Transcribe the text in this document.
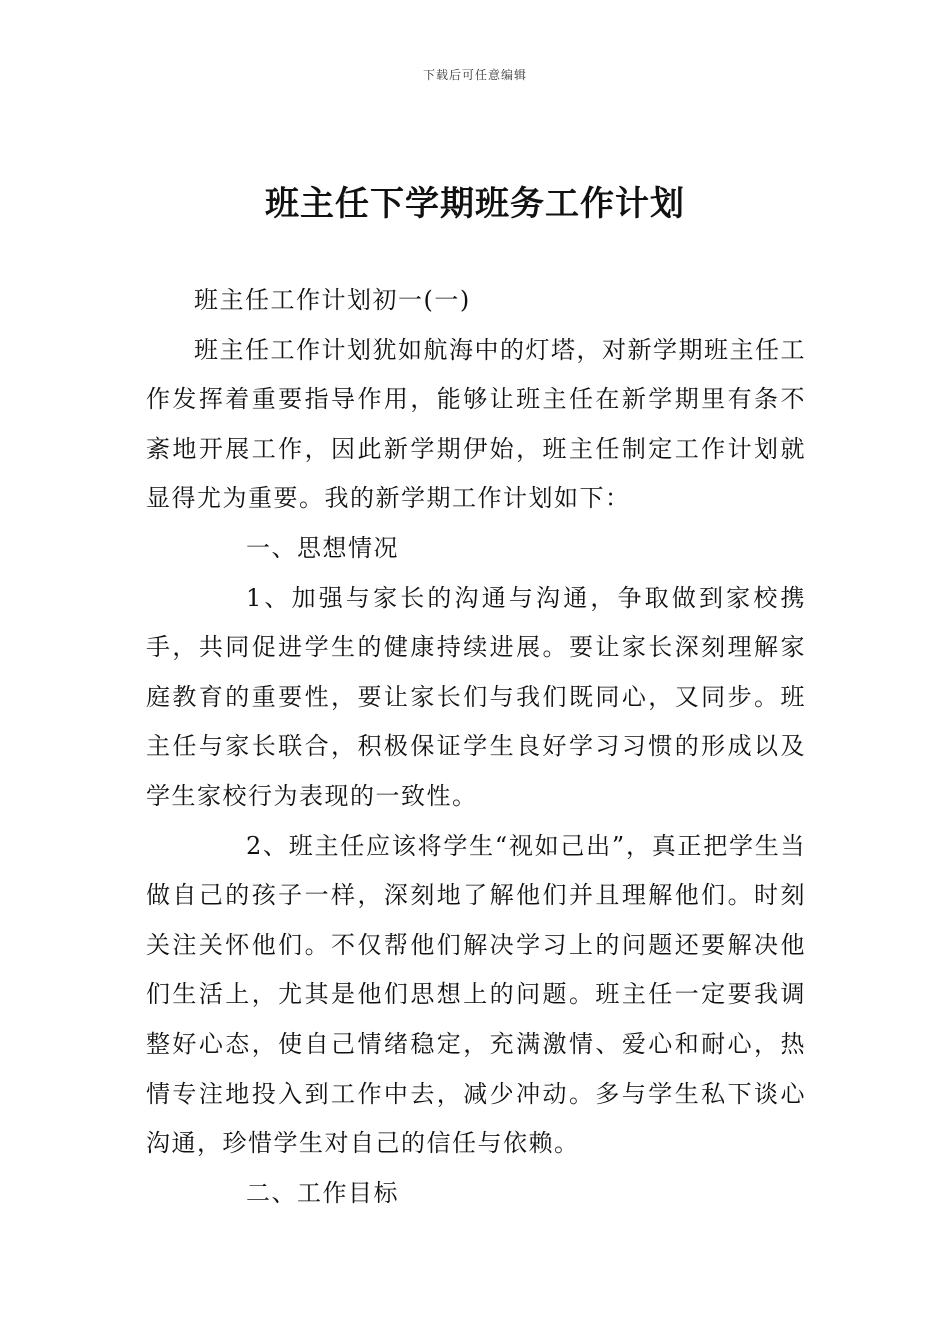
下载后可任意编辑
班主任下学期班务工作计划

班主任工作计划初一(一)

班主任工作计划犹如航海中的灯塔，对新学期班主任工作发挥着重要指导作用，能够让班主任在新学期里有条不紊地开展工作，因此新学期伊始，班主任制定工作计划就显得尤为重要。我的新学期工作计划如下：

一、思想情况

1、加强与家长的沟通与沟通，争取做到家校携手，共同促进学生的健康持续进展。要让家长深刻理解家庭教育的重要性，要让家长们与我们既同心，又同步。班主任与家长联合，积极保证学生良好学习习惯的形成以及学生家校行为表现的一致性。

2、班主任应该将学生“视如己出”，真正把学生当做自己的孩子一样，深刻地了解他们并且理解他们。时刻关注关怀他们。不仅帮他们解决学习上的问题还要解决他们生活上，尤其是他们思想上的问题。班主任一定要我调整好心态，使自己情绪稳定，充满激情、爱心和耐心，热情专注地投入到工作中去，减少冲动。多与学生私下谈心沟通，珍惜学生对自己的信任与依赖。

二、工作目标
